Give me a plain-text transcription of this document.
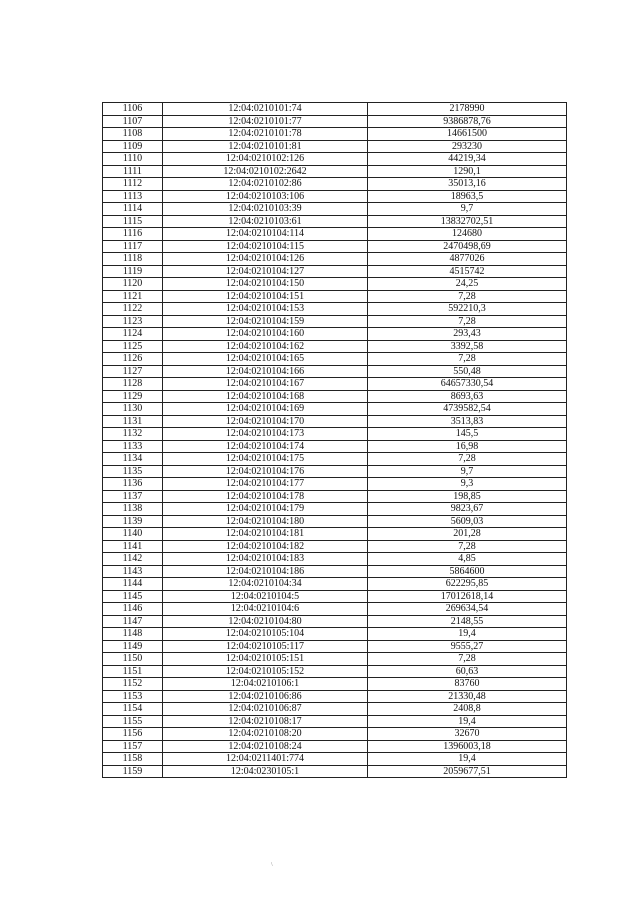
1106	12:04:0210101:74	2178990
1107	12:04:0210101:77	9386878,76
1108	12:04:0210101:78	14661500
1109	12:04:0210101:81	293230
1110	12:04:0210102:126	44219,34
1111	12:04:0210102:2642	1290,1
1112	12:04:0210102:86	35013,16
1113	12:04:0210103:106	18963,5
1114	12:04:0210103:39	9,7
1115	12:04:0210103:61	13832702,51
1116	12:04:0210104:114	124680
1117	12:04:0210104:115	2470498,69
1118	12:04:0210104:126	4877026
1119	12:04:0210104:127	4515742
1120	12:04:0210104:150	24,25
1121	12:04:0210104:151	7,28
1122	12:04:0210104:153	592210,3
1123	12:04:0210104:159	7,28
1124	12:04:0210104:160	293,43
1125	12:04:0210104:162	3392,58
1126	12:04:0210104:165	7,28
1127	12:04:0210104:166	550,48
1128	12:04:0210104:167	64657330,54
1129	12:04:0210104:168	8693,63
1130	12:04:0210104:169	4739582,54
1131	12:04:0210104:170	3513,83
1132	12:04:0210104:173	145,5
1133	12:04:0210104:174	16,98
1134	12:04:0210104:175	7,28
1135	12:04:0210104:176	9,7
1136	12:04:0210104:177	9,3
1137	12:04:0210104:178	198,85
1138	12:04:0210104:179	9823,67
1139	12:04:0210104:180	5609,03
1140	12:04:0210104:181	201,28
1141	12:04:0210104:182	7,28
1142	12:04:0210104:183	4,85
1143	12:04:0210104:186	5864600
1144	12:04:0210104:34	622295,85
1145	12:04:0210104:5	17012618,14
1146	12:04:0210104:6	269634,54
1147	12:04:0210104:80	2148,55
1148	12:04:0210105:104	19,4
1149	12:04:0210105:117	9555,27
1150	12:04:0210105:151	7,28
1151	12:04:0210105:152	60,63
1152	12:04:0210106:1	83760
1153	12:04:0210106:86	21330,48
1154	12:04:0210106:87	2408,8
1155	12:04:0210108:17	19,4
1156	12:04:0210108:20	32670
1157	12:04:0210108:24	1396003,18
1158	12:04:0211401:774	19,4
1159	12:04:0230105:1	2059677,51
\
